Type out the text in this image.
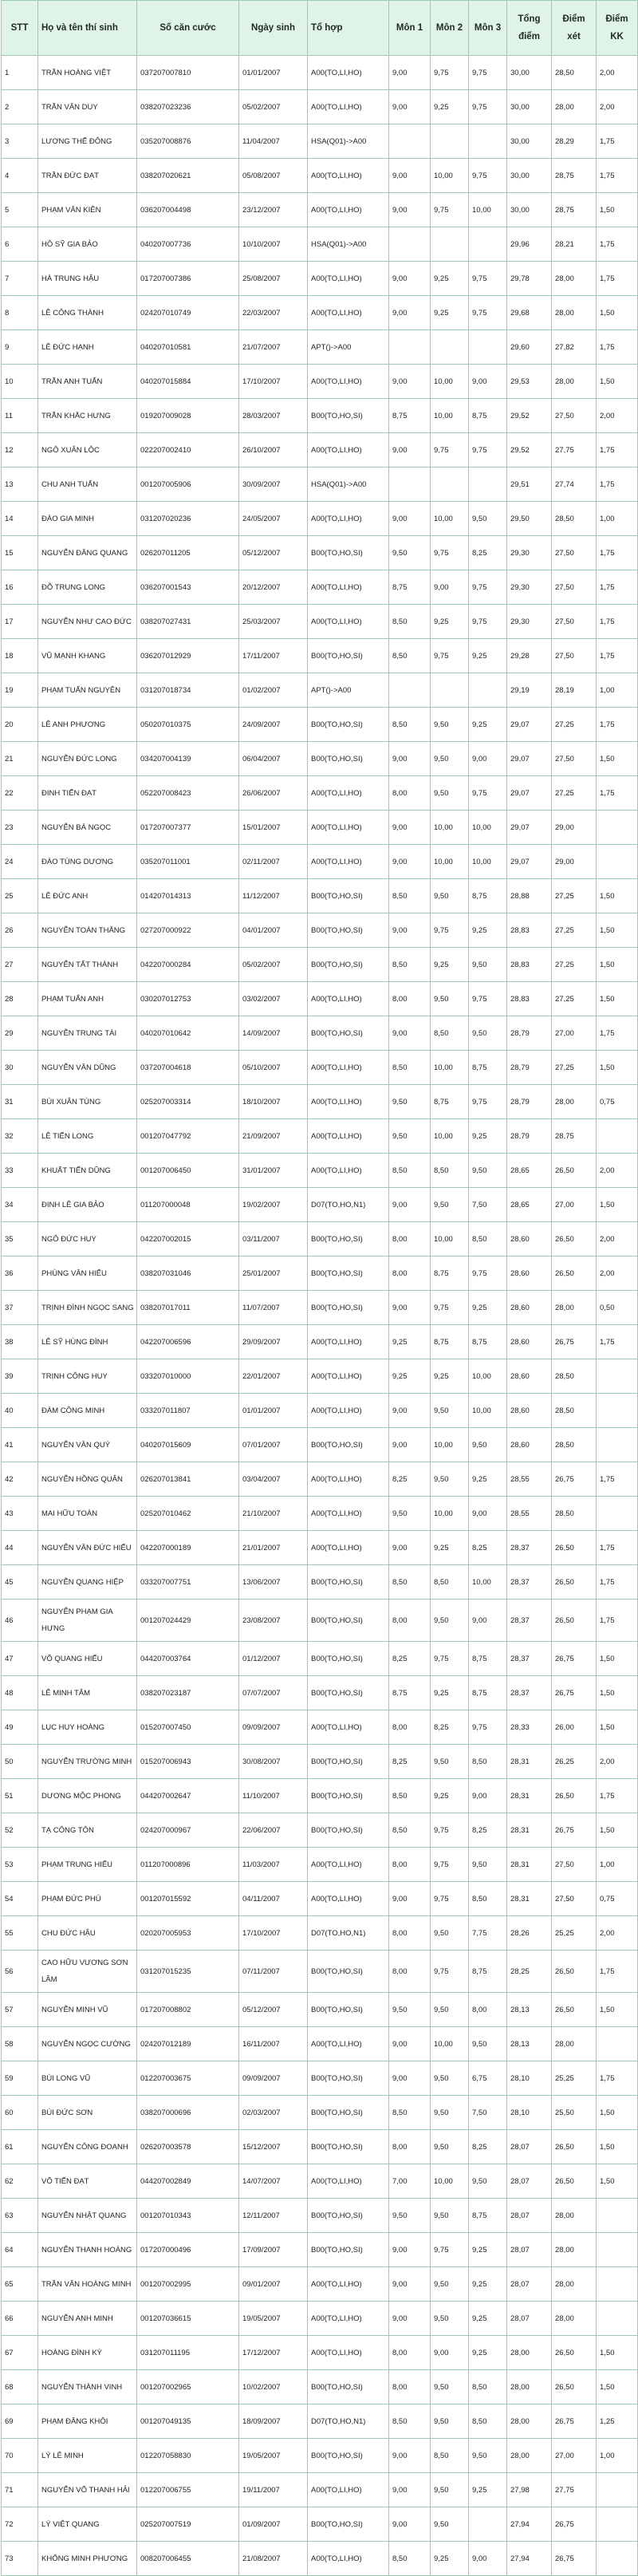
STT	Họ và tên thí sinh	Số căn cước	Ngày sinh	Tổ hợp	Môn 1	Môn 2	Môn 3	Tổng điểm	Điểm xét	Điểm KK
1	TRẦN HOÀNG VIỆT	037207007810	01/01/2007	A00(TO,LI,HO)	9,00	9,75	9,75	30,00	28,50	2,00
2	TRẦN VĂN DUY	038207023236	05/02/2007	A00(TO,LI,HO)	9,00	9,25	9,75	30,00	28,00	2,00
3	LƯƠNG THẾ ĐÔNG	035207008876	11/04/2007	HSA(Q01)->A00				30,00	28,29	1,75
4	TRẦN ĐỨC ĐẠT	038207020621	05/08/2007	A00(TO,LI,HO)	9,00	10,00	9,75	30,00	28,75	1,75
5	PHẠM VĂN KIÊN	036207004498	23/12/2007	A00(TO,LI,HO)	9,00	9,75	10,00	30,00	28,75	1,50
6	HỒ SỸ GIA BẢO	040207007736	10/10/2007	HSA(Q01)->A00				29,96	28,21	1,75
7	HÀ TRUNG HẬU	017207007386	25/08/2007	A00(TO,LI,HO)	9,00	9,25	9,75	29,78	28,00	1,75
8	LÊ CÔNG THÀNH	024207010749	22/03/2007	A00(TO,LI,HO)	9,00	9,25	9,75	29,68	28,00	1,50
9	LÊ ĐỨC HẠNH	040207010581	21/07/2007	APT()->A00				29,60	27,82	1,75
10	TRẦN ANH TUẤN	040207015884	17/10/2007	A00(TO,LI,HO)	9,00	10,00	9,00	29,53	28,00	1,50
11	TRẦN KHẮC HƯNG	019207009028	28/03/2007	B00(TO,HO,SI)	8,75	10,00	8,75	29,52	27,50	2,00
12	NGÔ XUÂN LỘC	022207002410	26/10/2007	A00(TO,LI,HO)	9,00	9,75	9,75	29,52	27,75	1,75
13	CHU ANH TUẤN	001207005906	30/09/2007	HSA(Q01)->A00				29,51	27,74	1,75
14	ĐÀO GIA MINH	031207020236	24/05/2007	A00(TO,LI,HO)	9,00	10,00	9,50	29,50	28,50	1,00
15	NGUYỄN ĐĂNG QUANG	026207011205	05/12/2007	B00(TO,HO,SI)	9,50	9,75	8,25	29,30	27,50	1,75
16	ĐỖ TRUNG LONG	036207001543	20/12/2007	A00(TO,LI,HO)	8,75	9,00	9,75	29,30	27,50	1,75
17	NGUYỄN NHƯ CAO ĐỨC	038207027431	25/03/2007	A00(TO,LI,HO)	8,50	9,25	9,75	29,30	27,50	1,75
18	VŨ MẠNH KHANG	036207012929	17/11/2007	B00(TO,HO,SI)	8,50	9,75	9,25	29,28	27,50	1,75
19	PHẠM TUẤN NGUYÊN	031207018734	01/02/2007	APT()->A00				29,19	28,19	1,00
20	LÊ ANH PHƯƠNG	050207010375	24/09/2007	B00(TO,HO,SI)	8,50	9,50	9,25	29,07	27,25	1,75
21	NGUYỄN ĐỨC LONG	034207004139	06/04/2007	B00(TO,HO,SI)	9,00	9,50	9,00	29,07	27,50	1,50
22	ĐINH TIẾN ĐẠT	052207008423	26/06/2007	A00(TO,LI,HO)	8,00	9,50	9,75	29,07	27,25	1,75
23	NGUYỄN BÁ NGỌC	017207007377	15/01/2007	A00(TO,LI,HO)	9,00	10,00	10,00	29,07	29,00	
24	ĐÀO TÙNG DƯƠNG	035207011001	02/11/2007	A00(TO,LI,HO)	9,00	10,00	10,00	29,07	29,00	
25	LÊ ĐỨC ANH	014207014313	11/12/2007	B00(TO,HO,SI)	8,50	9,50	8,75	28,88	27,25	1,50
26	NGUYỄN TOÀN THẮNG	027207000922	04/01/2007	B00(TO,HO,SI)	9,00	9,75	9,25	28,83	27,25	1,50
27	NGUYỄN TẤT THÀNH	042207000284	05/02/2007	B00(TO,HO,SI)	8,50	9,25	9,50	28,83	27,25	1,50
28	PHẠM TUẤN ANH	030207012753	03/02/2007	A00(TO,LI,HO)	8,00	9,50	9,75	28,83	27,25	1,50
29	NGUYỄN TRUNG TÀI	040207010642	14/09/2007	B00(TO,HO,SI)	9,00	8,50	9,50	28,79	27,00	1,75
30	NGUYỄN VĂN DŨNG	037207004618	05/10/2007	A00(TO,LI,HO)	8,50	10,00	8,75	28,79	27,25	1,50
31	BÙI XUÂN TÙNG	025207003314	18/10/2007	A00(TO,LI,HO)	9,50	8,75	9,75	28,79	28,00	0,75
32	LÊ TIẾN LONG	001207047792	21/09/2007	A00(TO,LI,HO)	9,50	10,00	9,25	28,79	28,75	
33	KHUẤT TIẾN DŨNG	001207006450	31/01/2007	A00(TO,LI,HO)	8,50	8,50	9,50	28,65	26,50	2,00
34	ĐINH LÊ GIA BẢO	011207000048	19/02/2007	D07(TO,HO,N1)	9,00	9,50	7,50	28,65	27,00	1,50
35	NGÔ ĐỨC HUY	042207002015	03/11/2007	B00(TO,HO,SI)	8,00	10,00	8,50	28,60	26,50	2,00
36	PHÙNG VĂN HIẾU	038207031046	25/01/2007	B00(TO,HO,SI)	8,00	8,75	9,75	28,60	26,50	2,00
37	TRỊNH ĐÌNH NGỌC SANG	038207017011	11/07/2007	B00(TO,HO,SI)	9,00	9,75	9,25	28,60	28,00	0,50
38	LÊ SỸ HÙNG ĐÌNH	042207006596	29/09/2007	A00(TO,LI,HO)	9,25	8,75	8,75	28,60	26,75	1,75
39	TRỊNH CÔNG HUY	033207010000	22/01/2007	A00(TO,LI,HO)	9,25	9,25	10,00	28,60	28,50	
40	ĐÀM CÔNG MINH	033207011807	01/01/2007	A00(TO,LI,HO)	9,00	9,50	10,00	28,60	28,50	
41	NGUYỄN VĂN QUÝ	040207015609	07/01/2007	B00(TO,HO,SI)	9,00	10,00	9,50	28,60	28,50	
42	NGUYỄN HỒNG QUÂN	026207013841	03/04/2007	A00(TO,LI,HO)	8,25	9,50	9,25	28,55	26,75	1,75
43	MAI HỮU TOÀN	025207010462	21/10/2007	A00(TO,LI,HO)	9,50	10,00	9,00	28,55	28,50	
44	NGUYỄN VĂN ĐỨC HIẾU	042207000189	21/01/2007	A00(TO,LI,HO)	9,00	9,25	8,25	28,37	26,50	1,75
45	NGUYỄN QUANG HIỆP	033207007751	13/06/2007	B00(TO,HO,SI)	8,50	8,50	10,00	28,37	26,50	1,75
46	NGUYỄN PHẠM GIA HƯNG	001207024429	23/08/2007	B00(TO,HO,SI)	8,00	9,50	9,00	28,37	26,50	1,75
47	VÕ QUANG HIẾU	044207003764	01/12/2007	B00(TO,HO,SI)	8,25	9,75	8,75	28,37	26,75	1,50
48	LÊ MINH TÂM	038207023187	07/07/2007	B00(TO,HO,SI)	8,75	9,25	8,75	28,37	26,75	1,50
49	LỤC HUY HOÀNG	015207007450	09/09/2007	A00(TO,LI,HO)	8,00	8,25	9,75	28,33	26,00	1,50
50	NGUYỄN TRƯỜNG MINH	015207006943	30/08/2007	B00(TO,HO,SI)	8,25	9,50	8,50	28,31	26,25	2,00
51	DƯƠNG MỘC PHONG	044207002647	11/10/2007	B00(TO,HO,SI)	8,50	9,25	9,00	28,31	26,50	1,75
52	TẠ CÔNG TÔN	024207000967	22/06/2007	B00(TO,HO,SI)	8,50	9,75	8,25	28,31	26,75	1,50
53	PHẠM TRUNG HIẾU	011207000896	11/03/2007	A00(TO,LI,HO)	8,00	9,75	9,50	28,31	27,50	1,00
54	PHẠM ĐỨC PHÚ	001207015592	04/11/2007	A00(TO,LI,HO)	9,00	9,75	8,50	28,31	27,50	0,75
55	CHU ĐỨC HẬU	020207005953	17/10/2007	D07(TO,HO,N1)	8,00	9,50	7,75	28,26	25,25	2,00
56	CAO HỮU VƯƠNG SƠN LÂM	031207015235	07/11/2007	B00(TO,HO,SI)	8,00	9,75	8,75	28,25	26,50	1,75
57	NGUYỄN MINH VŨ	017207008802	05/12/2007	B00(TO,HO,SI)	9,50	9,50	8,00	28,13	26,50	1,50
58	NGUYỄN NGỌC CƯỜNG	024207012189	16/11/2007	A00(TO,LI,HO)	9,00	10,00	9,50	28,13	28,00	
59	BÙI LONG VŨ	012207003675	09/09/2007	B00(TO,HO,SI)	9,00	9,50	6,75	28,10	25,25	1,75
60	BÙI ĐỨC SƠN	038207000696	02/03/2007	B00(TO,HO,SI)	8,50	9,50	7,50	28,10	25,50	1,50
61	NGUYỄN CÔNG ĐOANH	026207003578	15/12/2007	B00(TO,HO,SI)	8,00	9,50	8,25	28,07	26,50	1,50
62	VÕ TIẾN ĐẠT	044207002849	14/07/2007	A00(TO,LI,HO)	7,00	10,00	9,50	28,07	26,50	1,50
63	NGUYỄN NHẬT QUANG	001207010343	12/11/2007	B00(TO,HO,SI)	9,50	9,50	8,75	28,07	28,00	
64	NGUYỄN THANH HOÀNG	017207000496	17/09/2007	B00(TO,HO,SI)	9,00	9,75	9,25	28,07	28,00	
65	TRẦN VĂN HOÀNG MINH	001207002995	09/01/2007	A00(TO,LI,HO)	9,00	9,50	9,25	28,07	28,00	
66	NGUYỄN ANH MINH	001207036615	19/05/2007	A00(TO,LI,HO)	9,00	9,50	9,25	28,07	28,00	
67	HOÀNG ĐÌNH KỲ	031207011195	17/12/2007	A00(TO,LI,HO)	8,00	9,00	9,25	28,00	26,50	1,50
68	NGUYỄN THÀNH VINH	001207002965	10/02/2007	B00(TO,HO,SI)	8,00	9,50	8,50	28,00	26,50	1,50
69	PHẠM ĐĂNG KHÔI	001207049135	18/09/2007	D07(TO,HO,N1)	8,50	9,50	8,50	28,00	26,75	1,25
70	LÝ LÊ MINH	012207058830	19/05/2007	B00(TO,HO,SI)	9,00	8,50	9,50	28,00	27,00	1,00
71	NGUYỄN VÕ THANH HẢI	012207006755	19/11/2007	A00(TO,LI,HO)	9,00	9,50	9,25	27,98	27,75	
72	LÝ VIỆT QUANG	025207007519	01/09/2007	B00(TO,HO,SI)	9,00	9,50		27,94	26,75	
73	KHỔNG MINH PHƯƠNG	008207006455	21/08/2007	A00(TO,LI,HO)	8,50	9,25	9,00	27,94	26,75	
